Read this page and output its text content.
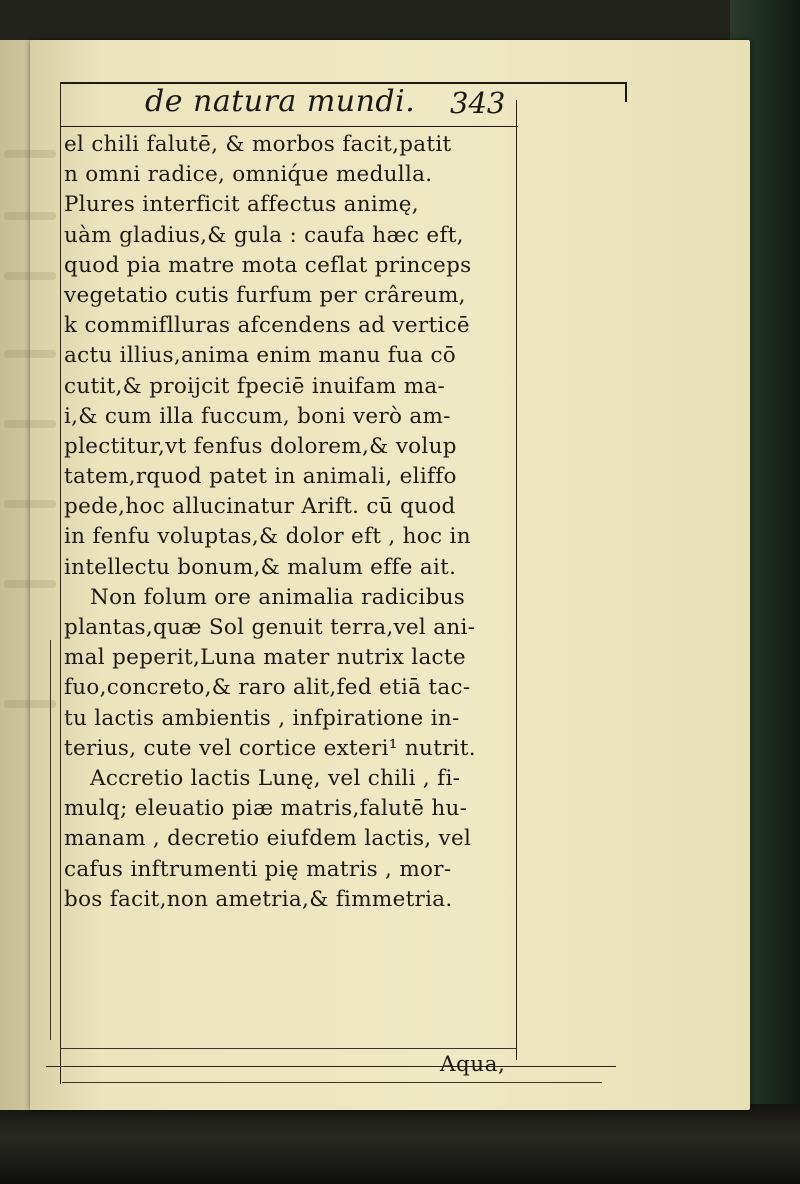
de natura mundi. 343
el chili falutē, & morbos facit,patit
n omni radice, omniq́ue medulla.
Plures interficit affectus animę,
uàm gladius,& gula : caufa hæc eft,
quod pia matre mota ceflat princeps
vegetatio cutis furfum per crâreum,
k commiflluras afcendens ad verticē
actu illius,anima enim manu fua cō
cutit,& proijcit fpeciē inuifam ma-
i,& cum illa fuccum, boni verò am-
plectitur,vt fenfus dolorem,& volup
tatem,rquod patet in animali, eliffo
pede,hoc allucinatur Arift. cū quod
in fenfu voluptas,& dolor eft , hoc in
intellectu bonum,& malum effe ait.
Non folum ore animalia radicibus
plantas,quæ Sol genuit terra,vel ani-
mal peperit,Luna mater nutrix lacte
fuo,concreto,& raro alit,fed etiā tac-
tu lactis ambientis , infpiratione in-
terius, cute vel cortice exteri¹ nutrit.
Accretio lactis Lunę, vel chili , fi-
mulq; eleuatio piæ matris,falutē hu-
manam , decretio eiufdem lactis, vel
cafus inftrumenti pię matris , mor-
bos facit,non ametria,& fimmetria.
Aqua,
